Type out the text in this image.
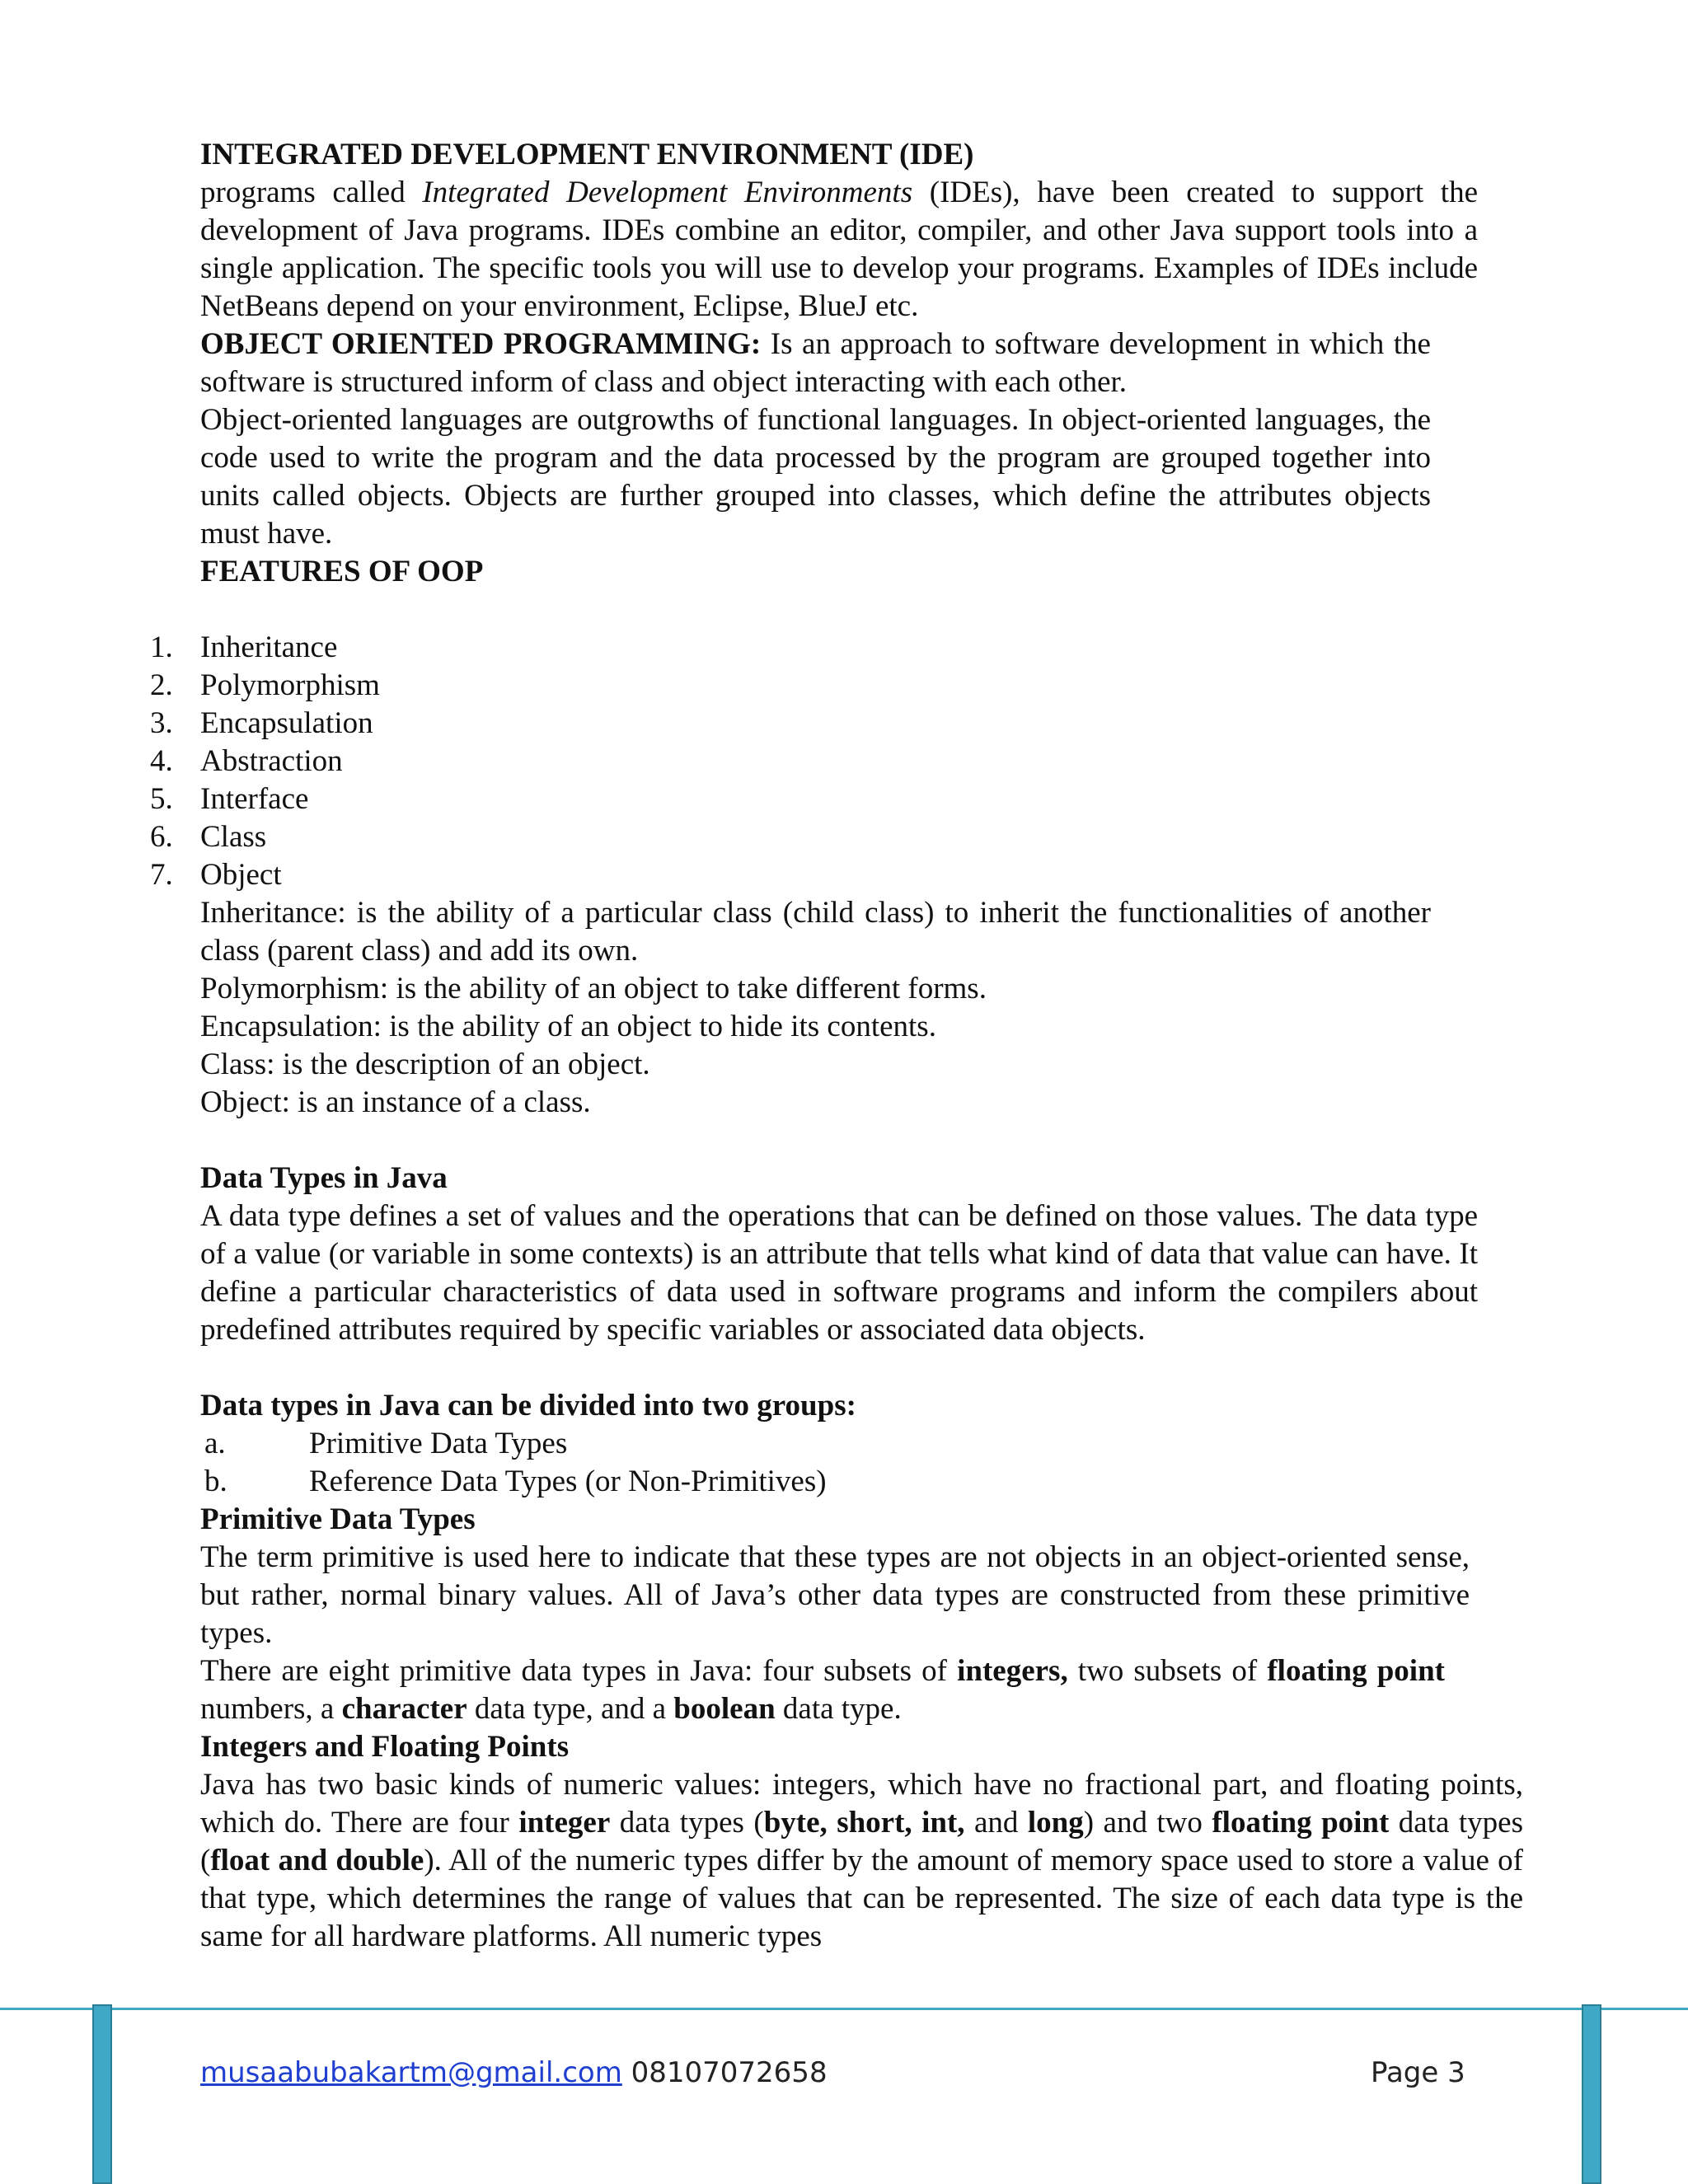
INTEGRATED DEVELOPMENT ENVIRONMENT (IDE)

programs called Integrated Development Environments (IDEs), have been created to support the development of Java programs. IDEs combine an editor, compiler, and other Java support tools into a single application. The specific tools you will use to develop your programs. Examples of IDEs include NetBeans depend on your environment, Eclipse, BlueJ etc.

OBJECT ORIENTED PROGRAMMING: Is an approach to software development in which the software is structured inform of class and object interacting with each other.

Object-oriented languages are outgrowths of functional languages. In object-oriented languages, the code used to write the program and the data processed by the program are grouped together into units called objects. Objects are further grouped into classes, which define the attributes objects must have.

FEATURES OF OOP

1. Inheritance
2. Polymorphism
3. Encapsulation
4. Abstraction
5. Interface
6. Class
7. Object

Inheritance: is the ability of a particular class (child class) to inherit the functionalities of another class (parent class) and add its own.

Polymorphism: is the ability of an object to take different forms.

Encapsulation: is the ability of an object to hide its contents.

Class: is the description of an object.

Object: is an instance of a class.

Data Types in Java

A data type defines a set of values and the operations that can be defined on those values. The data type of a value (or variable in some contexts) is an attribute that tells what kind of data that value can have. It define a particular characteristics of data used in software programs and inform the compilers about predefined attributes required by specific variables or associated data objects.

Data types in Java can be divided into two groups:

a.	Primitive Data Types
b.	Reference Data Types (or Non-Primitives)

Primitive Data Types

The term primitive is used here to indicate that these types are not objects in an object-oriented sense, but rather, normal binary values. All of Java’s other data types are constructed from these primitive types.

There are eight primitive data types in Java: four subsets of integers, two subsets of floating point numbers, a character data type, and a boolean data type.

Integers and Floating Points

Java has two basic kinds of numeric values: integers, which have no fractional part, and floating points, which do. There are four integer data types (byte, short, int, and long) and two floating point data types (float and double). All of the numeric types differ by the amount of memory space used to store a value of that type, which determines the range of values that can be represented. The size of each data type is the same for all hardware platforms. All numeric types

musaabubakartm@gmail.com 08107072658	Page 3
